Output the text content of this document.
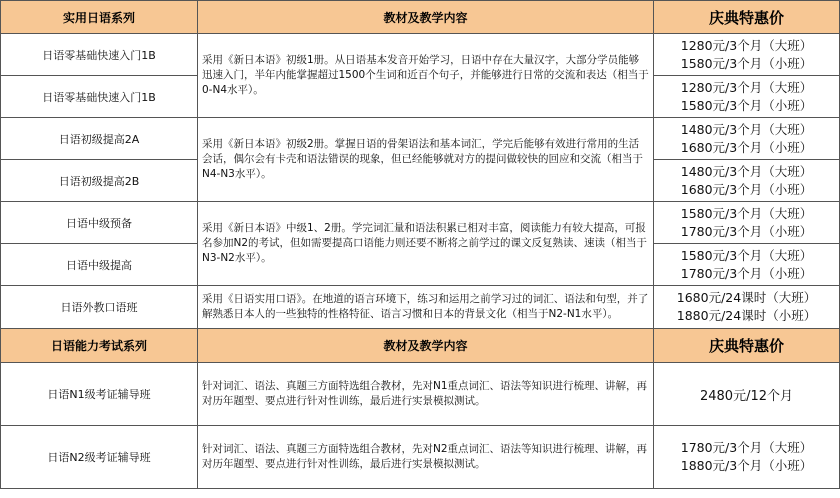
实用日语系列	教材及教学内容	庆典特惠价
日语零基础快速入门1B	采用《新日本语》初级1册。从日语基本发音开始学习，日语中存在大量汉字，大部分学员能够迅速入门，半年内能掌握超过1500个生词和近百个句子，并能够进行日常的交流和表达（相当于0-N4水平）。	1280元/3个月（大班）
1580元/3个月（小班）

日语零基础快速入门1B		1280元/3个月（大班）
1580元/3个月（小班）

日语初级提高2A	采用《新日本语》初级2册。掌握日语的骨架语法和基本词汇，学完后能够有效进行常用的生活会话，偶尔会有卡壳和语法错误的现象，但已经能够就对方的提问做较快的回应和交流（相当于N4-N3水平）。	1480元/3个月（大班）
1680元/3个月（小班）

日语初级提高2B		1480元/3个月（大班）
1680元/3个月（小班）

日语中级预备	采用《新日本语》中级1、2册。学完词汇量和语法积累已相对丰富，阅读能力有较大提高，可报名参加N2的考试，但如需要提高口语能力则还要不断将之前学过的课文反复熟读、速读（相当于N3-N2水平）。	1580元/3个月（大班）
1780元/3个月（小班）

日语中级提高		1580元/3个月（大班）
1780元/3个月（小班）

日语外教口语班	采用《日语实用口语》。在地道的语言环境下，练习和运用之前学习过的词汇、语法和句型，并了解熟悉日本人的一些独特的性格特征、语言习惯和日本的背景文化（相当于N2-N1水平）。	1680元/24课时（大班）
1880元/24课时（小班）

日语能力考试系列	教材及教学内容	庆典特惠价
日语N1级考证辅导班	针对词汇、语法、真题三方面特选组合教材，先对N1重点词汇、语法等知识进行梳理、讲解，再对历年题型、要点进行针对性训练，最后进行实景模拟测试。	2480元/12个月

日语N2级考证辅导班	针对词汇、语法、真题三方面特选组合教材，先对N2重点词汇、语法等知识进行梳理、讲解，再对历年题型、要点进行针对性训练，最后进行实景模拟测试。	1780元/3个月（大班）
1880元/3个月（小班）
